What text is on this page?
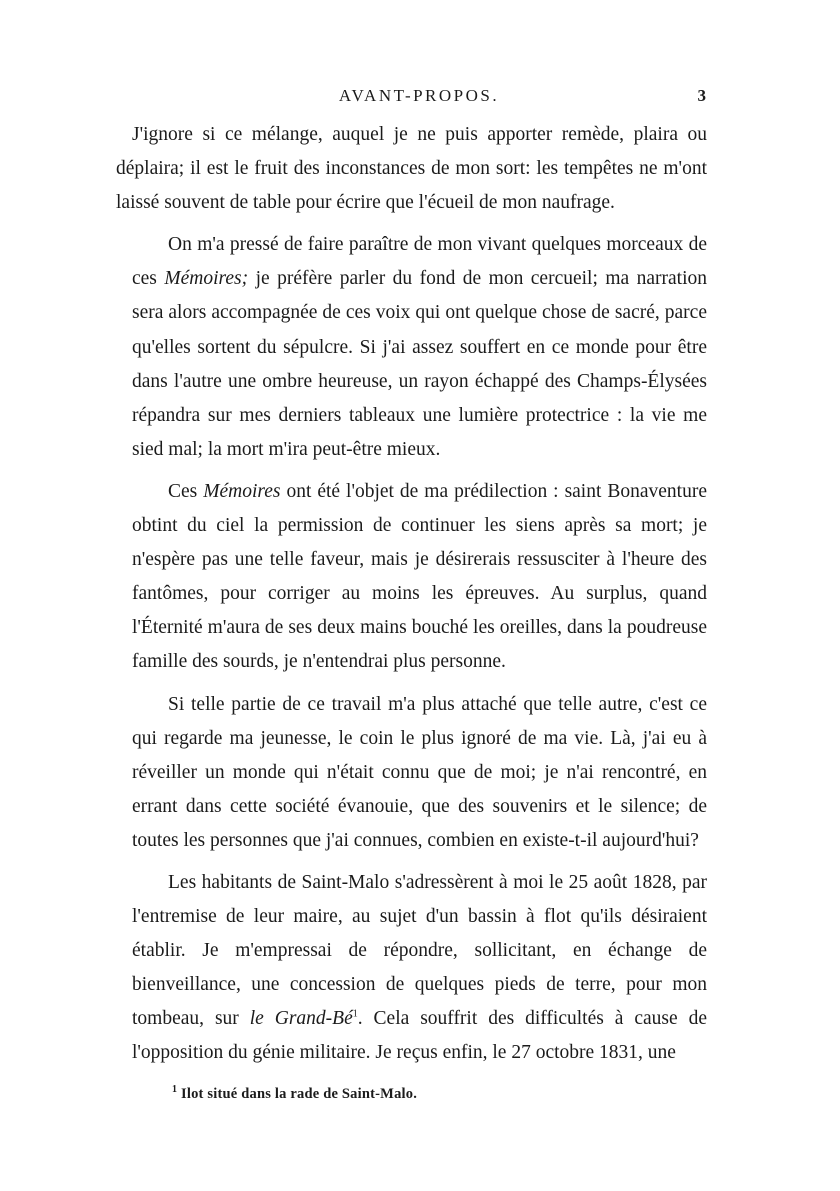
AVANT-PROPOS.	3

J'ignore si ce mélange, auquel je ne puis apporter remède, plaira ou déplaira; il est le fruit des inconstances de mon sort: les tempêtes ne m'ont laissé souvent de table pour écrire que l'écueil de mon naufrage.

On m'a pressé de faire paraître de mon vivant quelques morceaux de ces Mémoires; je préfère parler du fond de mon cercueil; ma narration sera alors accompagnée de ces voix qui ont quelque chose de sacré, parce qu'elles sortent du sépulcre. Si j'ai assez souffert en ce monde pour être dans l'autre une ombre heureuse, un rayon échappé des Champs-Élysées répandra sur mes derniers tableaux une lumière protectrice : la vie me sied mal; la mort m'ira peut-être mieux.

Ces Mémoires ont été l'objet de ma prédilection : saint Bonaventure obtint du ciel la permission de continuer les siens après sa mort; je n'espère pas une telle faveur, mais je désirerais ressusciter à l'heure des fantômes, pour corriger au moins les épreuves. Au surplus, quand l'Éternité m'aura de ses deux mains bouché les oreilles, dans la poudreuse famille des sourds, je n'entendrai plus personne.

Si telle partie de ce travail m'a plus attaché que telle autre, c'est ce qui regarde ma jeunesse, le coin le plus ignoré de ma vie. Là, j'ai eu à réveiller un monde qui n'était connu que de moi; je n'ai rencontré, en errant dans cette société évanouie, que des souvenirs et le silence; de toutes les personnes que j'ai connues, combien en existe-t-il aujourd'hui?

Les habitants de Saint-Malo s'adressèrent à moi le 25 août 1828, par l'entremise de leur maire, au sujet d'un bassin à flot qu'ils désiraient établir. Je m'empressai de répondre, sollicitant, en échange de bienveillance, une concession de quelques pieds de terre, pour mon tombeau, sur le Grand-$Bé^1$. Cela souffrit des difficultés à cause de l'opposition du génie militaire. Je reçus enfin, le 27 octobre 1831, une

$^1$ Ilot situé dans la rade de Saint-Malo.
